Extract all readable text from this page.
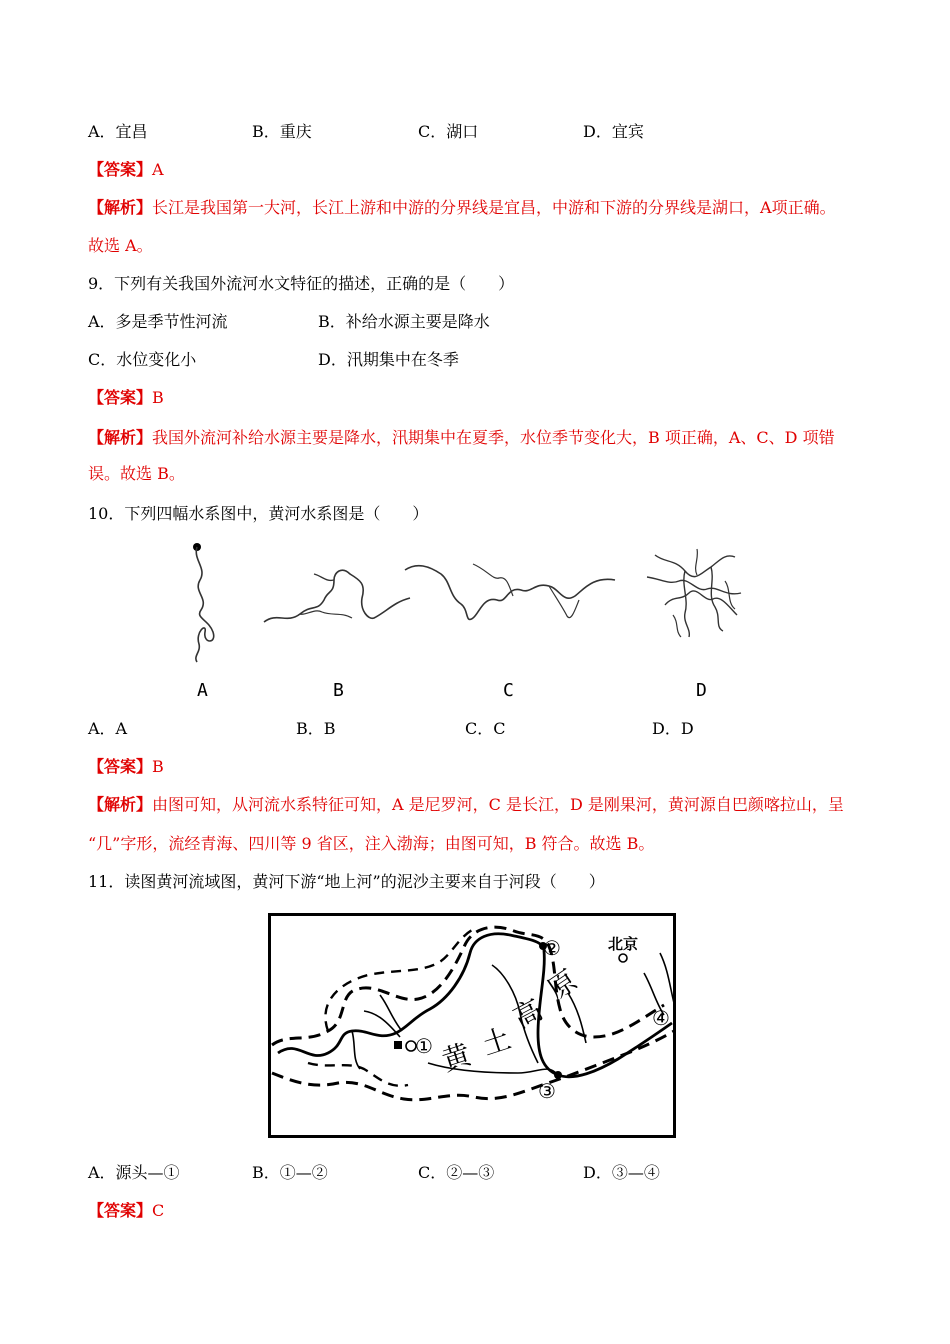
A．宜昌	B．重庆	C．湖口	D．宜宾
【答案】A
【解析】长江是我国第一大河，长江上游和中游的分界线是宜昌，中游和下游的分界线是湖口，A项正确。
故选 A。
9．下列有关我国外流河水文特征的描述，正确的是（　　）
A．多是季节性河流	B．补给水源主要是降水
C．水位变化小	D．汛期集中在冬季
【答案】B
【解析】我国外流河补给水源主要是降水，汛期集中在夏季，水位季节变化大，B 项正确，A、C、D 项错
误。故选 B。
10．下列四幅水系图中，黄河水系图是（　　）
A	B	C	D
A．A	B．B	C．C	D．D
【答案】B
【解析】由图可知，从河流水系特征可知，A 是尼罗河，C 是长江，D 是刚果河，黄河源自巴颜喀拉山，呈
“几”字形，流经青海、四川等 9 省区，注入渤海；由图可知，B 符合。故选 B。
11．读图黄河流域图，黄河下游“地上河”的泥沙主要来自于河段（　　）
①
②
③
④
北京
黄 土
高
原
A．源头—①	B．①—②	C．②—③	D．③—④
【答案】C
